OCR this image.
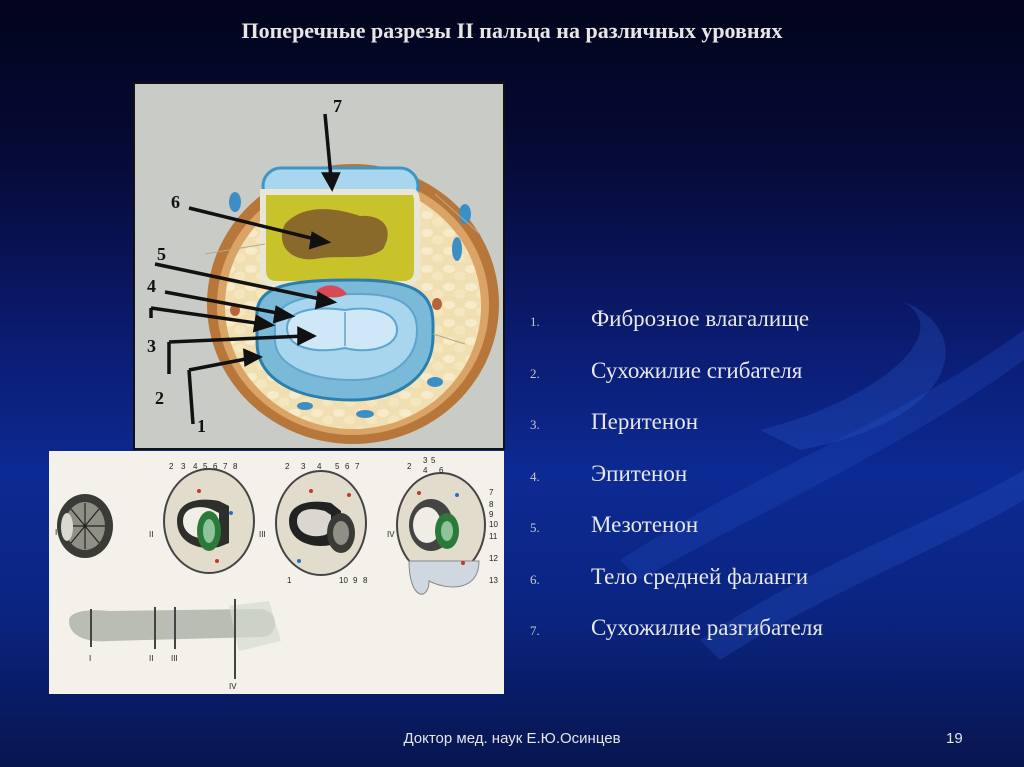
Поперечные разрезы II пальца на различных уровнях
7
6
5
4
3
2
1
I	II
2 3 4 5 6 7 8	2 3 4 5 6 7
1	10 9 8
III	IV
2
3
4
5
6
7
8
9
10
11
12
13
I	II III
IV
1. Фиброзное влагалище
2. Сухожилие сгибателя
3. Перитенон
4. Эпитенон
5. Мезотенон
6. Тело средней фаланги
7. Сухожилие разгибателя
Доктор мед. наук Е.Ю.Осинцев	19
